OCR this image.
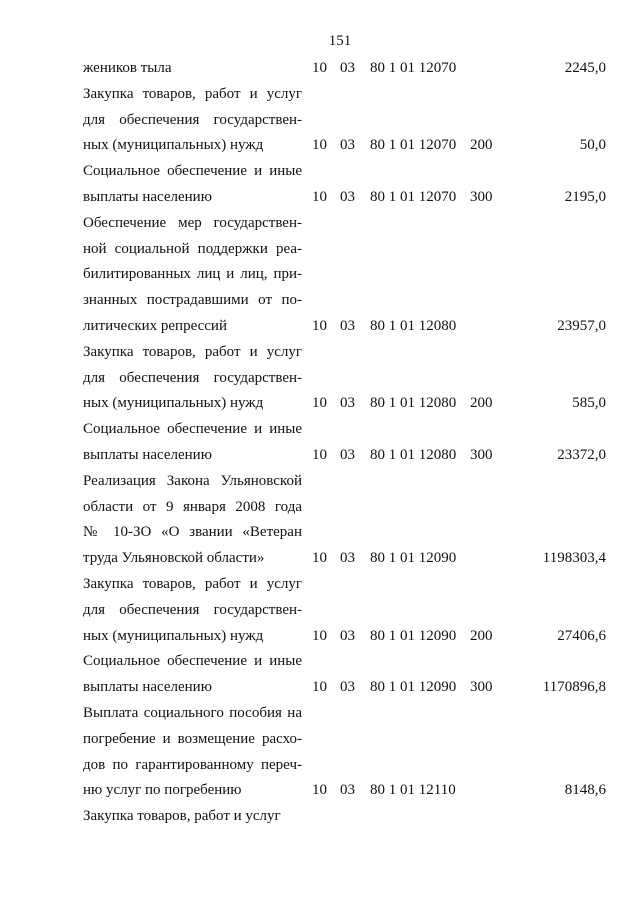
151
жеников тыла	10 03 80 1 01 12070	2245,0
Закупка товаров, работ и услуг
для обеспечения государствен-
ных (муниципальных) нужд	10 03 80 1 01 12070 200	50,0
Социальное обеспечение и иные
выплаты населению	10 03 80 1 01 12070 300	2195,0
Обеспечение мер государствен-
ной социальной поддержки реа-
билитированных лиц и лиц, при-
знанных пострадавшими от по-
литических репрессий	10 03 80 1 01 12080	23957,0
Закупка товаров, работ и услуг
для обеспечения государствен-
ных (муниципальных) нужд	10 03 80 1 01 12080 200	585,0
Социальное обеспечение и иные
выплаты населению	10 03 80 1 01 12080 300	23372,0
Реализация Закона Ульяновской
области от 9 января 2008 года
№ 10-ЗО «О звании «Ветеран
труда Ульяновской области»	10 03 80 1 01 12090	1198303,4
Закупка товаров, работ и услуг
для обеспечения государствен-
ных (муниципальных) нужд	10 03 80 1 01 12090 200	27406,6
Социальное обеспечение и иные
выплаты населению	10 03 80 1 01 12090 300	1170896,8
Выплата социального пособия на
погребение и возмещение расхо-
дов по гарантированному переч-
ню услуг по погребению	10 03 80 1 01 12110	8148,6
Закупка товаров, работ и услуг
